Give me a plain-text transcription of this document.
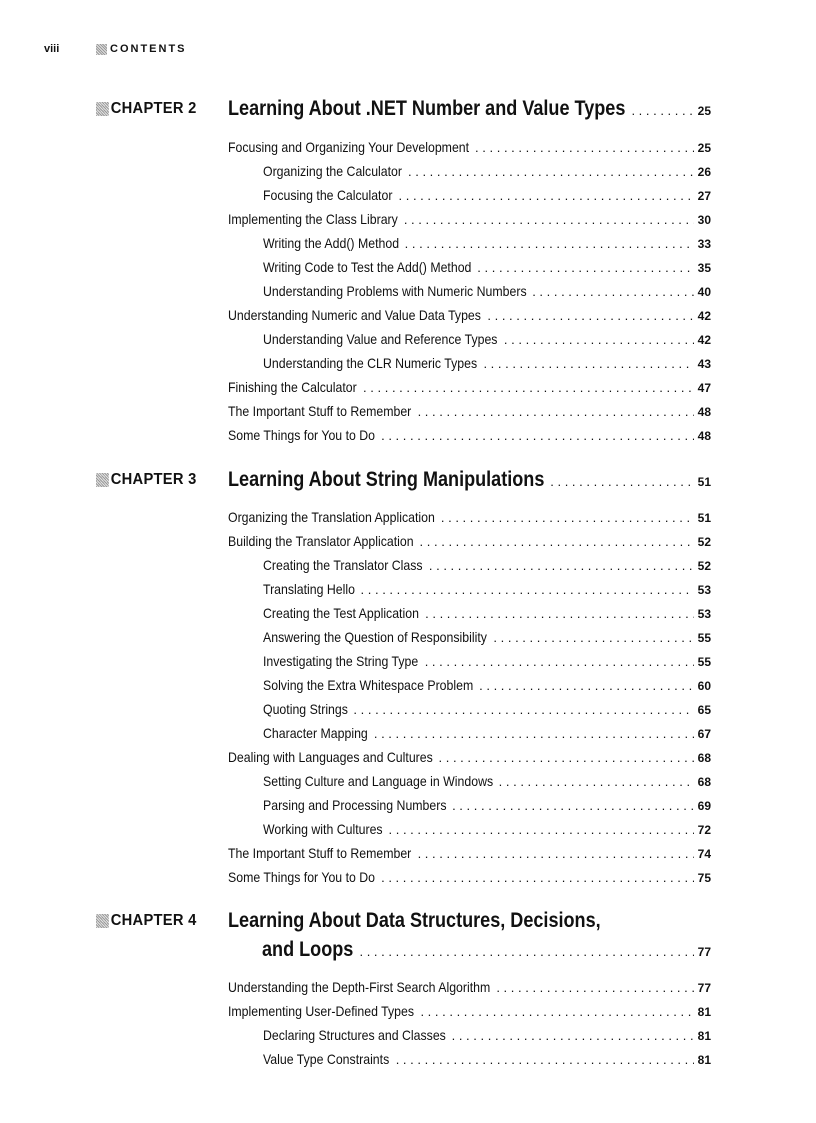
viii	CONTENTS
CHAPTER 2 Learning About .NET Number and Value Types . . .	25
Focusing and Organizing Your Development . . .	25
Organizing the Calculator . . .	26
Focusing the Calculator . . .	27
Implementing the Class Library . . .	30
Writing the Add() Method . . .	33
Writing Code to Test the Add() Method . . .	35
Understanding Problems with Numeric Numbers . . .	40
Understanding Numeric and Value Data Types . . .	42
Understanding Value and Reference Types . . .	42
Understanding the CLR Numeric Types . . .	43
Finishing the Calculator . . .	47
The Important Stuff to Remember . . .	48
Some Things for You to Do . . .	48
CHAPTER 3 Learning About String Manipulations . . .	51
Organizing the Translation Application . . .	51
Building the Translator Application . . .	52
Creating the Translator Class . . .	52
Translating Hello . . .	53
Creating the Test Application . . .	53
Answering the Question of Responsibility . . .	55
Investigating the String Type . . .	55
Solving the Extra Whitespace Problem . . .	60
Quoting Strings . . .	65
Character Mapping . . .	67
Dealing with Languages and Cultures . . .	68
Setting Culture and Language in Windows . . .	68
Parsing and Processing Numbers . . .	69
Working with Cultures . . .	72
The Important Stuff to Remember . . .	74
Some Things for You to Do . . .	75
CHAPTER 4 Learning About Data Structures, Decisions,
and Loops . . .	77
Understanding the Depth-First Search Algorithm . . .	77
Implementing User-Defined Types . . .	81
Declaring Structures and Classes . . .	81
Value Type Constraints . . .	81
